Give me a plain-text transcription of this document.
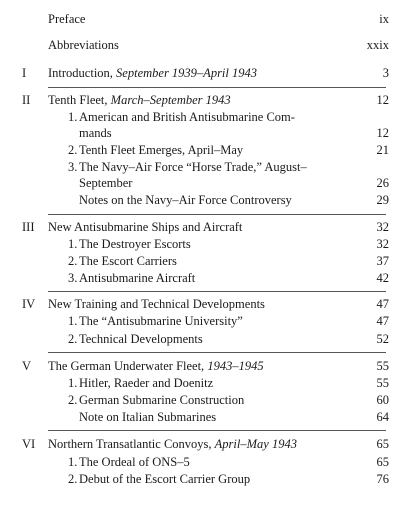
Preface	ix
Abbreviations	xxix
I	Introduction, September 1939–April 1943	3
II	Tenth Fleet, March–September 1943	12
1. American and British Antisubmarine Com-
mands	12
2. Tenth Fleet Emerges, April–May	21
3. The Navy–Air Force “Horse Trade,” August–
September	26
Notes on the Navy–Air Force Controversy	29
III	New Antisubmarine Ships and Aircraft	32
1. The Destroyer Escorts	32
2. The Escort Carriers	37
3. Antisubmarine Aircraft	42
IV	New Training and Technical Developments	47
1. The “Antisubmarine University”	47
2. Technical Developments	52
V	The German Underwater Fleet, 1943–1945	55
1. Hitler, Raeder and Doenitz	55
2. German Submarine Construction	60
Note on Italian Submarines	64
VI	Northern Transatlantic Convoys, April–May 1943	65
1. The Ordeal of ONS–5	65
2. Debut of the Escort Carrier Group	76
